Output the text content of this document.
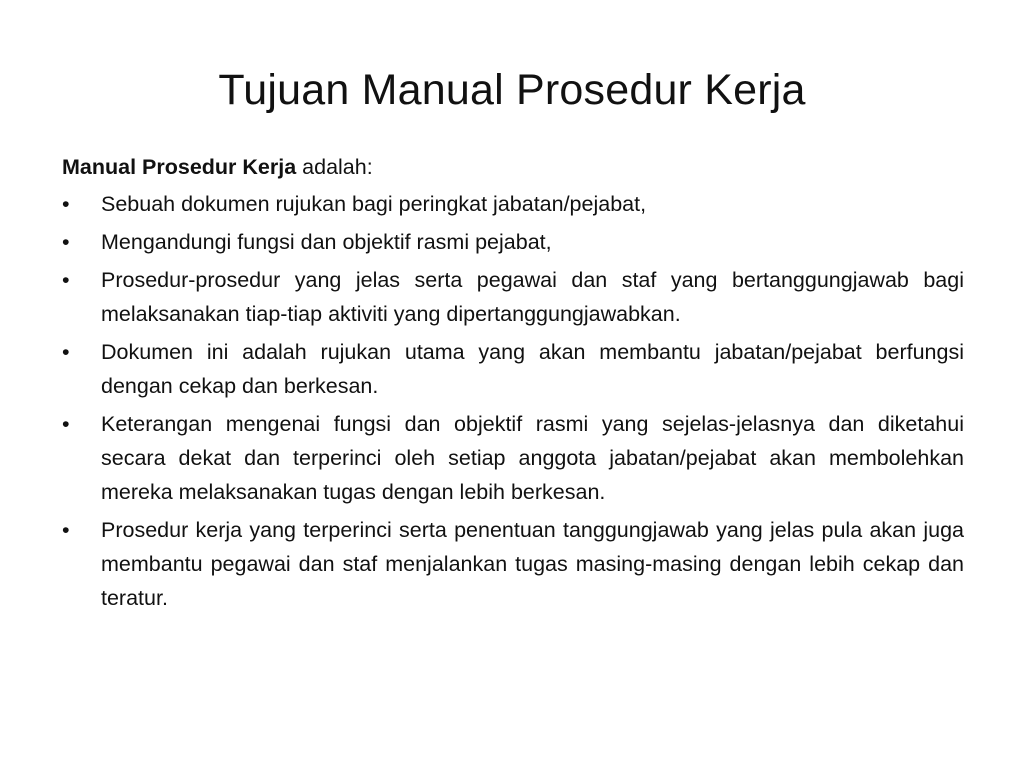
Tujuan Manual Prosedur Kerja

Manual Prosedur Kerja adalah:

•	Sebuah dokumen rujukan bagi peringkat jabatan/pejabat,
•	Mengandungi fungsi dan objektif rasmi pejabat,
•	Prosedur-prosedur yang jelas serta pegawai dan staf yang bertanggungjawab bagi melaksanakan tiap-tiap aktiviti yang dipertanggungjawabkan.
•	Dokumen ini adalah rujukan utama yang akan membantu jabatan/pejabat berfungsi dengan cekap dan berkesan.
•	Keterangan mengenai fungsi dan objektif rasmi yang sejelas-jelasnya dan diketahui secara dekat dan terperinci oleh setiap anggota jabatan/pejabat akan membolehkan mereka melaksanakan tugas dengan lebih berkesan.
•	Prosedur kerja yang terperinci serta penentuan tanggungjawab yang jelas pula akan juga membantu pegawai dan staf menjalankan tugas masing-masing dengan lebih cekap dan teratur.
